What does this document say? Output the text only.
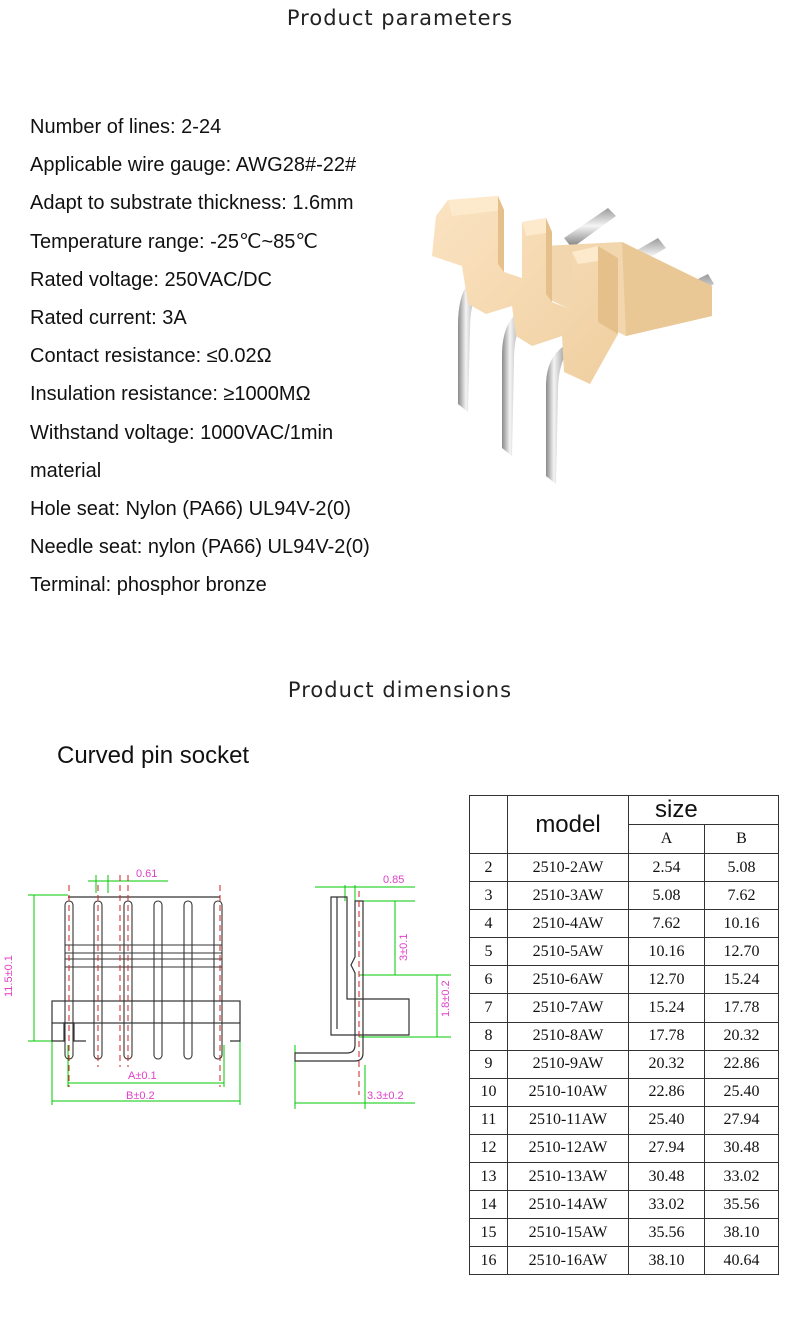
Product parameters
Number of lines: 2-24
Applicable wire gauge: AWG28#-22#
Adapt to substrate thickness: 1.6mm
Temperature range: -25℃~85℃
Rated voltage: 250VAC/DC
Rated current: 3A
Contact resistance: ≤0.02Ω
Insulation resistance: ≥1000MΩ
Withstand voltage: 1000VAC/1min
material
Hole seat: Nylon (PA66) UL94V-2(0)
Needle seat: nylon (PA66) UL94V-2(0)
Terminal: phosphor bronze
Product dimensions
Curved pin socket
0.61
11.5±0.1
A±0.1
B±0.2
0.85
3±0.1
1.8±0.2
3.3±0.2
	model	size	
		A	B
2	2510-2AW	2.54	5.08
3	2510-3AW	5.08	7.62
4	2510-4AW	7.62	10.16
5	2510-5AW	10.16	12.70
6	2510-6AW	12.70	15.24
7	2510-7AW	15.24	17.78
8	2510-8AW	17.78	20.32
9	2510-9AW	20.32	22.86
10	2510-10AW	22.86	25.40
11	2510-11AW	25.40	27.94
12	2510-12AW	27.94	30.48
13	2510-13AW	30.48	33.02
14	2510-14AW	33.02	35.56
15	2510-15AW	35.56	38.10
16	2510-16AW	38.10	40.64
